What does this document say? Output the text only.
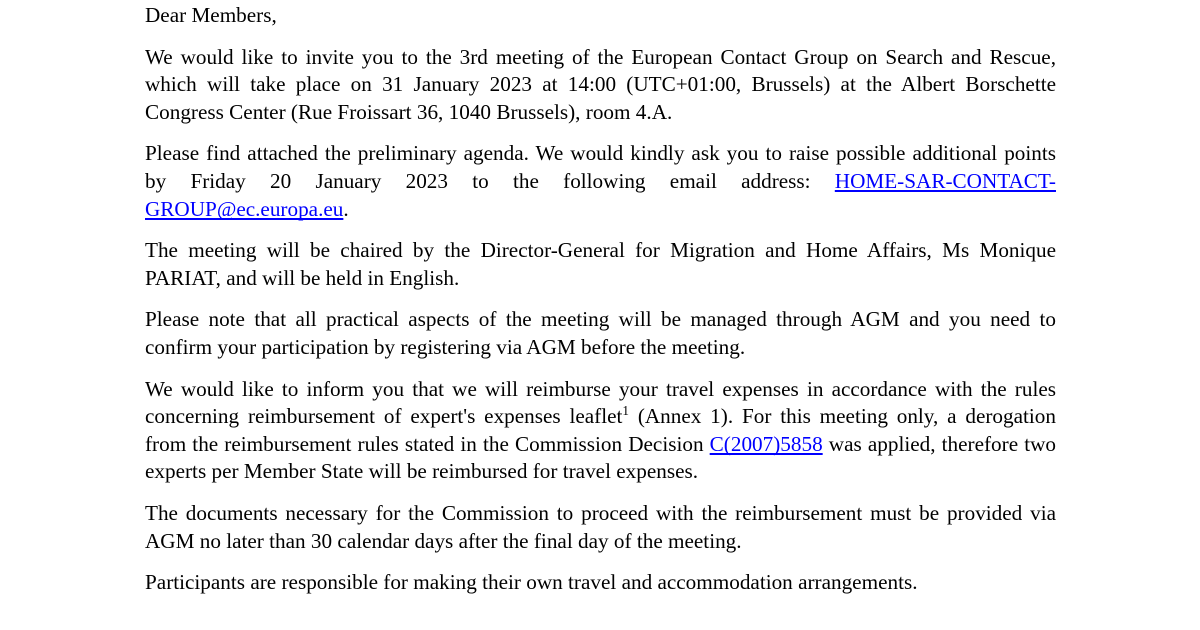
Dear Members,

We would like to invite you to the 3rd meeting of the European Contact Group on Search and Rescue, which will take place on 31 January 2023 at 14:00 (UTC+01:00, Brussels) at the Albert Borschette Congress Center (Rue Froissart 36, 1040 Brussels), room 4.A.

Please find attached the preliminary agenda. We would kindly ask you to raise possible additional points by Friday 20 January 2023 to the following email address: HOME-SAR-CONTACT-GROUP@ec.europa.eu.

The meeting will be chaired by the Director-General for Migration and Home Affairs, Ms Monique PARIAT, and will be held in English.

Please note that all practical aspects of the meeting will be managed through AGM and you need to confirm your participation by registering via AGM before the meeting.

We would like to inform you that we will reimburse your travel expenses in accordance with the rules concerning reimbursement of expert's expenses leaflet$^1$ (Annex 1). For this meeting only, a derogation from the reimbursement rules stated in the Commission Decision C(2007)5858 was applied, therefore two experts per Member State will be reimbursed for travel expenses.

The documents necessary for the Commission to proceed with the reimbursement must be provided via AGM no later than 30 calendar days after the final day of the meeting.

Participants are responsible for making their own travel and accommodation arrangements.
